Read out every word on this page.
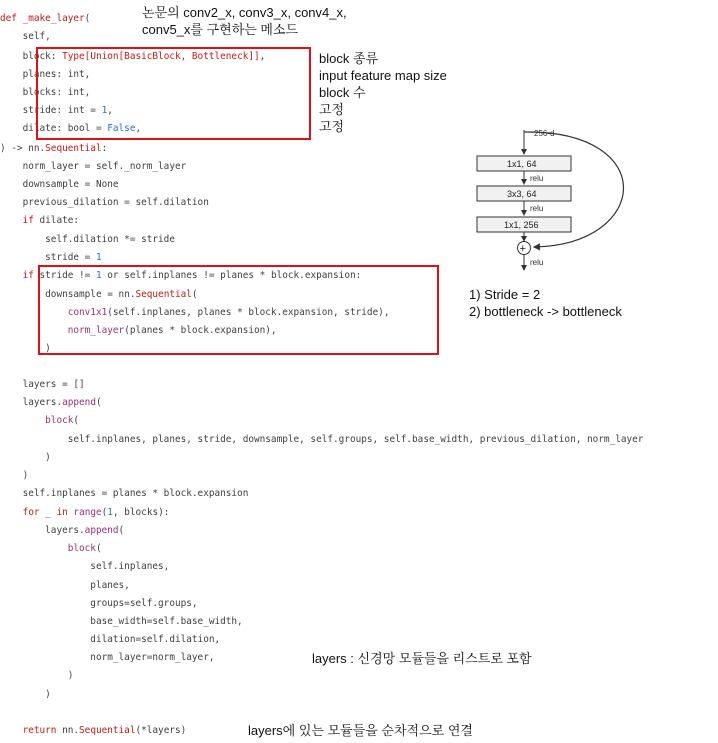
def _make_layer(

self,

block: Type[Union[BasicBlock, Bottleneck]],

planes: int,

blocks: int,

stride: int = 1,

dilate: bool = False,

) -> nn.Sequential:

norm_layer = self._norm_layer

downsample = None

previous_dilation = self.dilation

if dilate:

self.dilation *= stride

stride = 1

if stride != 1 or self.inplanes != planes * block.expansion:

downsample = nn.Sequential(

conv1x1(self.inplanes, planes * block.expansion, stride),

norm_layer(planes * block.expansion),

)

layers = []

layers.append(

block(

self.inplanes, planes, stride, downsample, self.groups, self.base_width, previous_dilation, norm_layer

)

)

self.inplanes = planes * block.expansion

for _ in range(1, blocks):

layers.append(

block(

self.inplanes,

planes,

groups=self.groups,

base_width=self.base_width,

dilation=self.dilation,

norm_layer=norm_layer,

)

)

return nn.Sequential(*layers)

논문의 conv2_x, conv3_x, conv4_x,
conv5_x를 구현하는 메소드
block 종류
input feature map size
block 수
고정
고정
1) Stride = 2
2) bottleneck -> bottleneck
layers : 신경망 모듈들을 리스트로 포함
layers에 있는 모듈들을 순차적으로 연결
256-d
1x1, 64
relu
3x3, 64
relu
1x1, 256
+
relu
